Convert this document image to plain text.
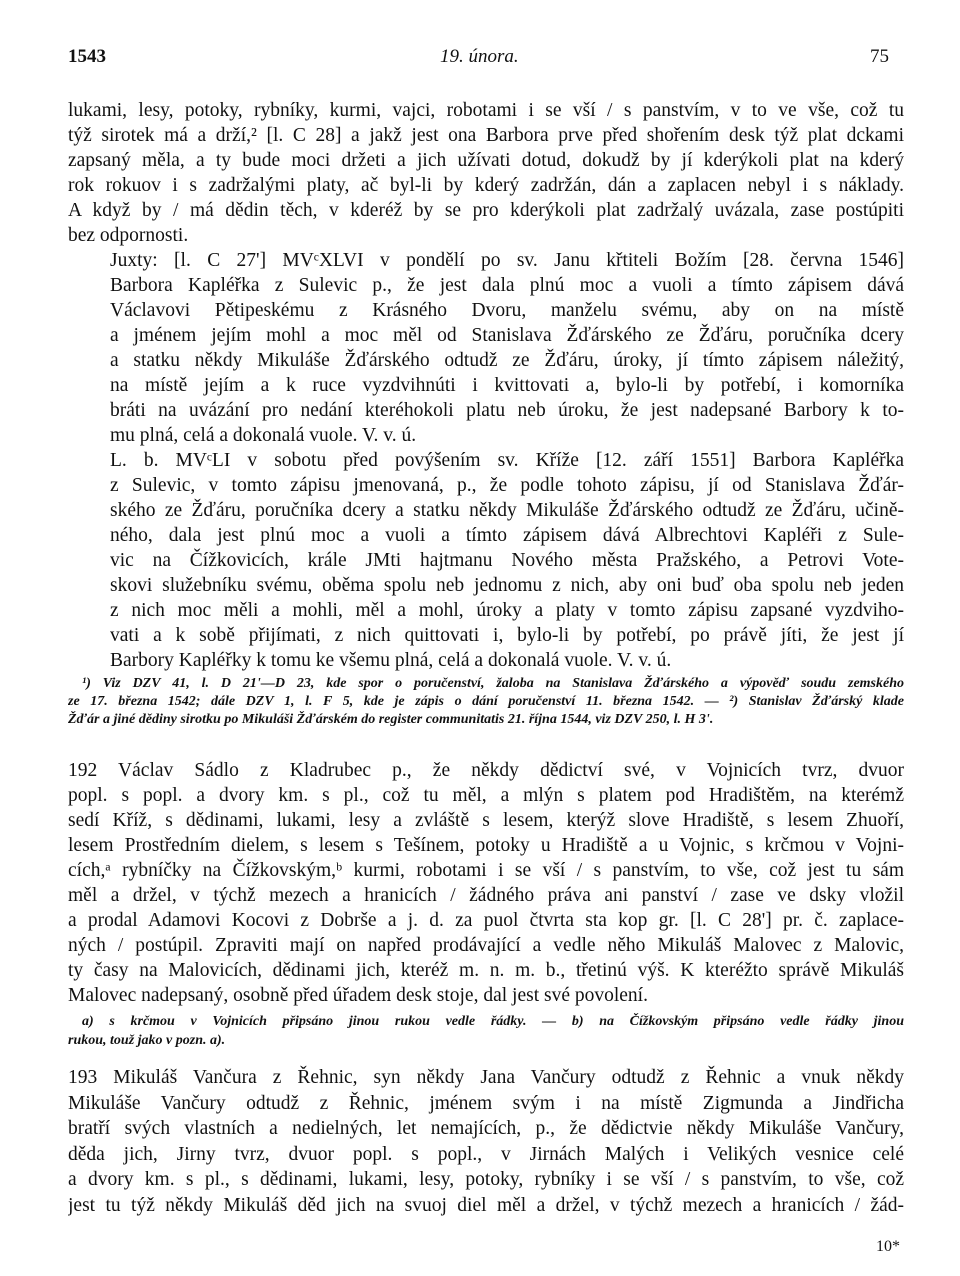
1543	19. února.	75
lukami, lesy, potoky, rybníky, kurmi, vajci, robotami i se vší / s panstvím, v to ve vše, což tu
týž sirotek má a drží,² [l. C 28] a jakž jest ona Barbora prve před shořením desk týž plat dckami
zapsaný měla, a ty bude moci držeti a jich užívati dotud, dokudž by jí kderýkoli plat na kderý
rok rokuov i s zadržalými platy, ač byl-li by kderý zadržán, dán a zaplacen nebyl i s náklady.
A když by / má dědin těch, v kderéž by se pro kderýkoli plat zadržalý uvázala, zase postúpiti
bez odpornosti.
Juxty: [l. C 27'] MVᶜXLVI v pondělí po sv. Janu křtiteli Božím [28. června 1546]
Barbora Kapléřka z Sulevic p., že jest dala plnú moc a vuoli a tímto zápisem dává
Václavovi Pětipeskému z Krásného Dvoru, manželu svému, aby on na místě
a jménem jejím mohl a moc měl od Stanislava Žďárského ze Žďáru, poručníka dcery
a statku někdy Mikuláše Žďárského odtudž ze Žďáru, úroky, jí tímto zápisem náležitý,
na místě jejím a k ruce vyzdvihnúti i kvittovati a, bylo-li by potřebí, i komorníka
bráti na uvázání pro nedání kteréhokoli platu neb úroku, že jest nadepsané Barbory k to-
mu plná, celá a dokonalá vuole. V. v. ú.
L. b. MVᶜLI v sobotu před povýšením sv. Kříže [12. září 1551] Barbora Kapléřka
z Sulevic, v tomto zápisu jmenovaná, p., že podle tohoto zápisu, jí od Stanislava Žďár-
ského ze Žďáru, poručníka dcery a statku někdy Mikuláše Žďárského odtudž ze Žďáru, učině-
ného, dala jest plnú moc a vuoli a tímto zápisem dává Albrechtovi Kapléři z Sule-
vic na Čížkovicích, krále JMti hajtmanu Nového města Pražského, a Petrovi Vote-
skovi služebníku svému, oběma spolu neb jednomu z nich, aby oni buď oba spolu neb jeden
z nich moc měli a mohli, měl a mohl, úroky a platy v tomto zápisu zapsané vyzdviho-
vati a k sobě přijímati, z nich quittovati i, bylo-li by potřebí, po právě jíti, že jest jí
Barbory Kapléřky k tomu ke všemu plná, celá a dokonalá vuole. V. v. ú.
¹) Viz DZV 41, l. D 21'—D 23, kde spor o poručenství, žaloba na Stanislava Žďárského a výpověď soudu zemského
ze 17. března 1542; dále DZV 1, l. F 5, kde je zápis o dání poručenství 11. března 1542. — ²) Stanislav Žďárský klade
Žďár a jiné dědiny sirotku po Mikuláši Žďárském do register communitatis 21. října 1544, viz DZV 250, l. H 3'.
192 Václav Sádlo z Kladrubec p., že někdy dědictví své, v Vojnicích tvrz, dvuor
popl. s popl. a dvory km. s pl., což tu měl, a mlýn s platem pod Hradištěm, na kterémž
sedí Kříž, s dědinami, lukami, lesy a zvláště s lesem, kterýž slove Hradiště, s lesem Zhuoří,
lesem Prostředním dielem, s lesem s Tešínem, potoky u Hradiště a u Vojnic, s krčmou v Vojni-
cích,ᵃ rybníčky na Čížkovským,ᵇ kurmi, robotami i se vší / s panstvím, to vše, což jest tu sám
měl a držel, v týchž mezech a hranicích / žádného práva ani panství / zase ve dsky vložil
a prodal Adamovi Kocovi z Dobrše a j. d. za puol čtvrta sta kop gr. [l. C 28'] pr. č. zaplace-
ných / postúpil. Zpraviti mají on napřed prodávající a vedle něho Mikuláš Malovec z Malovic,
ty časy na Malovicích, dědinami jich, kteréž m. n. m. b., třetinú výš. K kteréžto správě Mikuláš
Malovec nadepsaný, osobně před úřadem desk stoje, dal jest své povolení.
a) s krčmou v Vojnicích připsáno jinou rukou vedle řádky. — b) na Čížkovským připsáno vedle řádky jinou
rukou, touž jako v pozn. a).
193 Mikuláš Vančura z Řehnic, syn někdy Jana Vančury odtudž z Řehnic a vnuk někdy
Mikuláše Vančury odtudž z Řehnic, jménem svým i na místě Zigmunda a Jindřicha
bratří svých vlastních a nedielných, let nemajících, p., že dědictvie někdy Mikuláše Vančury,
děda jich, Jirny tvrz, dvuor popl. s popl., v Jirnách Malých i Velikých vesnice celé
a dvory km. s pl., s dědinami, lukami, lesy, potoky, rybníky i se vší / s panstvím, to vše, což
jest tu týž někdy Mikuláš děd jich na svuoj diel měl a držel, v týchž mezech a hranicích / žád-
10*
